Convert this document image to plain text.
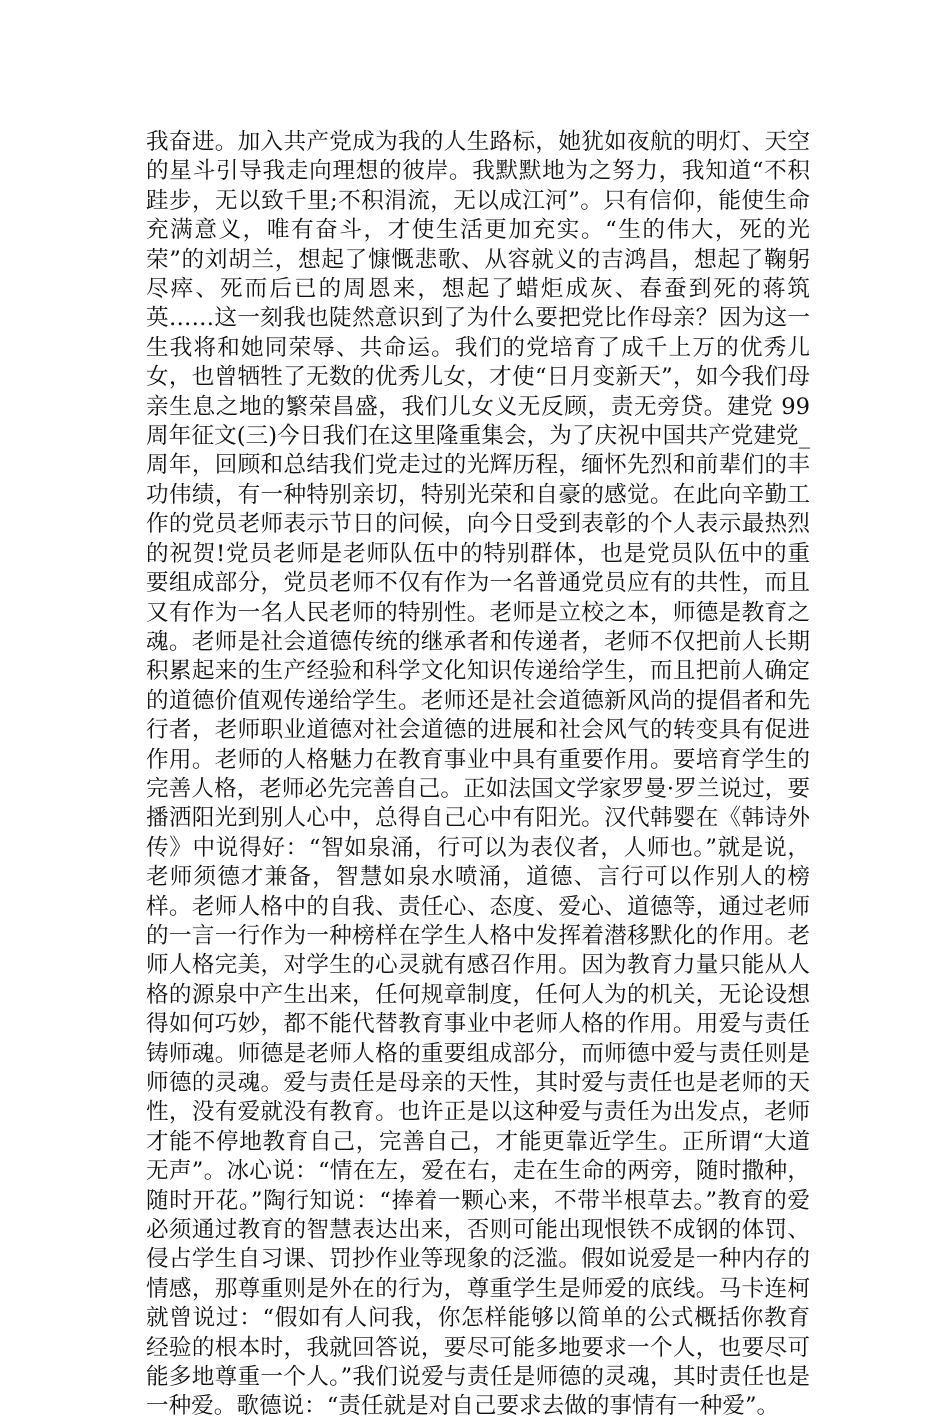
我奋进。加入共产党成为我的人生路标，她犹如夜航的明灯、天空的星斗引导我走向理想的彼岸。我默默地为之努力，我知道“不积跬步，无以致千里;不积涓流，无以成江河”。只有信仰，能使生命充满意义，唯有奋斗，才使生活更加充实。“生的伟大，死的光荣”的刘胡兰，想起了慷慨悲歌、从容就义的吉鸿昌，想起了鞠躬尽瘁、死而后已的周恩来，想起了蜡炬成灰、春蚕到死的蒋筑英……这一刻我也陡然意识到了为什么要把党比作母亲？因为这一生我将和她同荣辱、共命运。我们的党培育了成千上万的优秀儿女，也曾牺牲了无数的优秀儿女，才使“日月变新天”，如今我们母亲生息之地的繁荣昌盛，我们儿女义无反顾，责无旁贷。建党 99 周年征文(三)今日我们在这里隆重集会，为了庆祝中国共产党建党_周年，回顾和总结我们党走过的光辉历程，缅怀先烈和前辈们的丰功伟绩，有一种特别亲切，特别光荣和自豪的感觉。在此向辛勤工作的党员老师表示节日的问候，向今日受到表彰的个人表示最热烈的祝贺!党员老师是老师队伍中的特别群体，也是党员队伍中的重要组成部分，党员老师不仅有作为一名普通党员应有的共性，而且又有作为一名人民老师的特别性。老师是立校之本，师德是教育之魂。老师是社会道德传统的继承者和传递者，老师不仅把前人长期积累起来的生产经验和科学文化知识传递给学生，而且把前人确定的道德价值观传递给学生。老师还是社会道德新风尚的提倡者和先行者，老师职业道德对社会道德的进展和社会风气的转变具有促进作用。老师的人格魅力在教育事业中具有重要作用。要培育学生的完善人格，老师必先完善自己。正如法国文学家罗曼·罗兰说过，要播洒阳光到别人心中，总得自己心中有阳光。汉代韩婴在《韩诗外传》中说得好：“智如泉涌，行可以为表仪者，人师也。”就是说，老师须德才兼备，智慧如泉水喷涌，道德、言行可以作别人的榜样。老师人格中的自我、责任心、态度、爱心、道德等，通过老师的一言一行作为一种榜样在学生人格中发挥着潜移默化的作用。老师人格完美，对学生的心灵就有感召作用。因为教育力量只能从人格的源泉中产生出来，任何规章制度，任何人为的机关，无论设想得如何巧妙，都不能代替教育事业中老师人格的作用。用爱与责任铸师魂。师德是老师人格的重要组成部分，而师德中爱与责任则是师德的灵魂。爱与责任是母亲的天性，其时爱与责任也是老师的天性，没有爱就没有教育。也许正是以这种爱与责任为出发点，老师才能不停地教育自己，完善自己，才能更靠近学生。正所谓“大道无声”。冰心说：“情在左，爱在右，走在生命的两旁，随时撒种，随时开花。”陶行知说：“捧着一颗心来，不带半根草去。”教育的爱必须通过教育的智慧表达出来，否则可能出现恨铁不成钢的体罚、侵占学生自习课、罚抄作业等现象的泛滥。假如说爱是一种内存的情感，那尊重则是外在的行为，尊重学生是师爱的底线。马卡连柯就曾说过：“假如有人问我，你怎样能够以简单的公式概括你教育经验的根本时，我就回答说，要尽可能多地要求一个人，也要尽可能多地尊重一个人。”我们说爱与责任是师德的灵魂，其时责任也是一种爱。歌德说：“责任就是对自己要求去做的事情有一种爱”。
